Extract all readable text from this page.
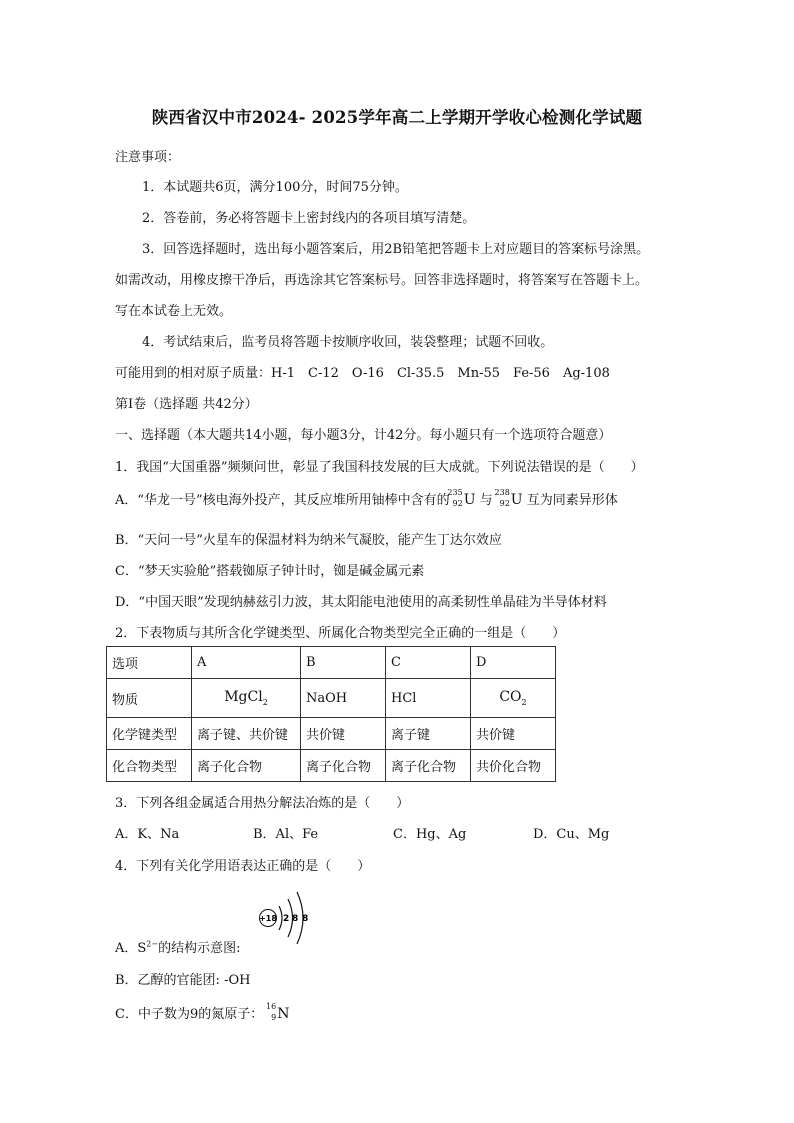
陕西省汉中市2024- 2025学年高二上学期开学收心检测化学试题
注意事项：
1．本试题共6页，满分100分，时间75分钟。
2．答卷前，务必将答题卡上密封线内的各项目填写清楚。
3．回答选择题时，选出每小题答案后，用2B铅笔把答题卡上对应题目的答案标号涂黑。
如需改动，用橡皮擦干净后，再选涂其它答案标号。回答非选择题时，将答案写在答题卡上。
写在本试卷上无效。
4．考试结束后，监考员将答题卡按顺序收回，装袋整理；试题不回收。
可能用到的相对原子质量：H-1　C-12　O-16　Cl-35.5　Mn-55　Fe-56　Ag-108
第Ⅰ卷（选择题 共42分）
一、选择题（本大题共14小题，每小题3分，计42分。每小题只有一个选项符合题意）
1．我国“大国重器”频频问世，彰显了我国科技发展的巨大成就。下列说法错误的是（　　）
A．“华龙一号”核电海外投产，其反应堆所用铀棒中含有的
235
92 U 与
238
92 U 互为同素异形体
B．“天问一号”火星车的保温材料为纳米气凝胶，能产生丁达尔效应
C．“梦天实验舱”搭载铷原子钟计时，铷是碱金属元素
D．“中国天眼”发现纳赫兹引力波，其太阳能电池使用的高柔韧性单晶硅为半导体材料
2．下表物质与其所含化学键类型、所属化合物类型完全正确的一组是（　　）
选项	A	B	C	D
物质	MgCl$_2$	NaOH	HCl	$CO_2$
化学键类型	离子键、共价键	共价键	离子键	共价键
化合物类型	离子化合物	离子化合物	离子化合物	共价化合物
3．下列各组金属适合用热分解法冶炼的是（　　）
A．K、Na	B．Al、Fe	C．Hg、Ag	D．Cu、Mg
4．下列有关化学用语表达正确的是（　　）
+18 2 8 8
A．$S^{2-}$的结构示意图:
B．乙醇的官能团: -OH
C．中子数为9的氮原子：
16
9 N
